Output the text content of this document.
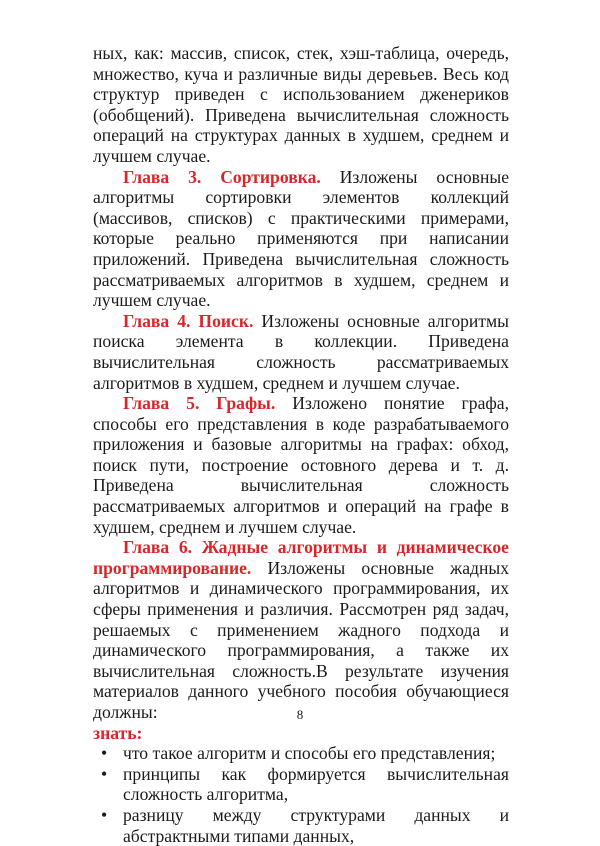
ных, как: массив, список, стек, хэш-таблица, очередь, множество, куча и различные виды деревьев. Весь код структур приведен с использованием дженериков (обобщений). Приведена вычислительная сложность операций на структурах данных в худшем, среднем и лучшем случае.

Глава 3. Сортировка. Изложены основные алгоритмы сортировки элементов коллекций (массивов, списков) с практическими примерами, которые реально применяются при написании приложений. Приведена вычислительная сложность рассматриваемых алгоритмов в худшем, среднем и лучшем случае.

Глава 4. Поиск. Изложены основные алгоритмы поиска элемента в коллекции. Приведена вычислительная сложность рассматриваемых алгоритмов в худшем, среднем и лучшем случае.

Глава 5. Графы. Изложено понятие графа, способы его представления в коде разрабатываемого приложения и базовые алгоритмы на графах: обход, поиск пути, построение остовного дерева и т. д. Приведена вычислительная сложность рассматриваемых алгоритмов и операций на графе в худшем, среднем и лучшем случае.

Глава 6. Жадные алгоритмы и динамическое программирование. Изложены основные жадных алгоритмов и динамического программирования, их сферы применения и различия. Рассмотрен ряд задач, решаемых с применением жадного подхода и динамического программирования, а также их вычислительная сложность.В результате изучения материалов данного учебного пособия обучающиеся должны:

знать:

• что такое алгоритм и способы его представления;
• принципы как формируется вычислительная сложность алгоритма,
• разницу между структурами данных и абстрактными типами данных,
8
